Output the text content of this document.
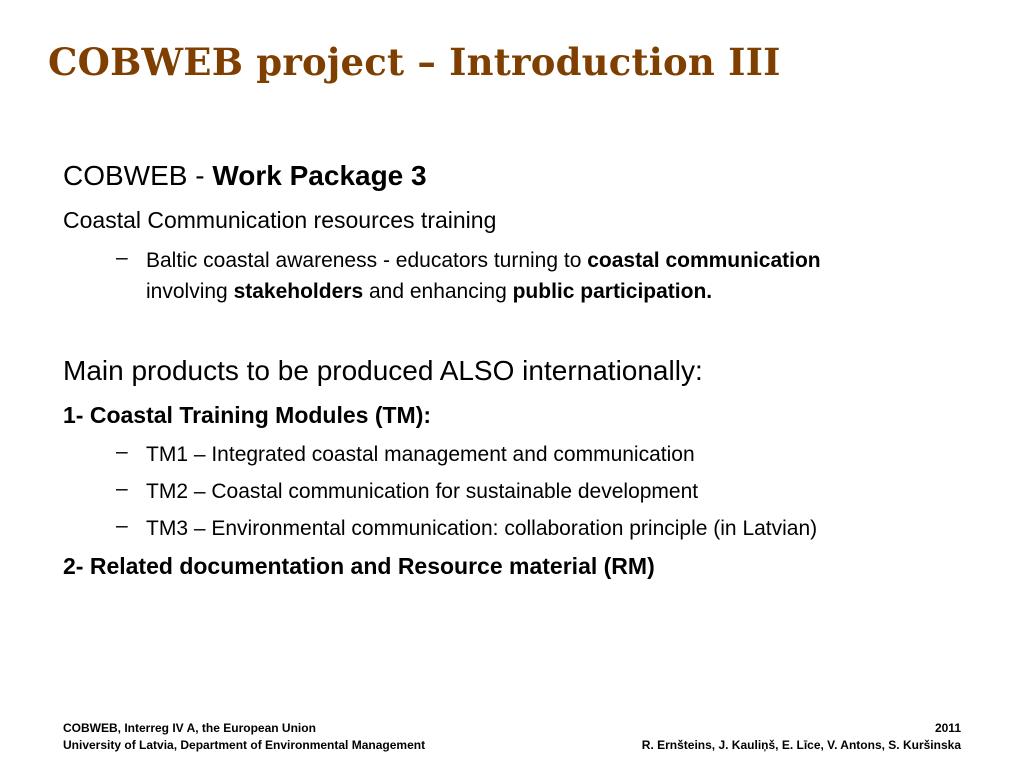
COBWEB project – Introduction III
COBWEB - Work Package 3
Coastal Communication resources training
– Baltic coastal awareness - educators turning to coastal communication
involving stakeholders and enhancing public participation.
Main products to be produced ALSO internationally:
1- Coastal Training Modules (TM):
– TM1 – Integrated coastal management and communication
– TM2 – Coastal communication for sustainable development
– TM3 – Environmental communication: collaboration principle (in Latvian)
2- Related documentation and Resource material (RM)
COBWEB, Interreg IV A, the European Union
University of Latvia, Department of Environmental Management
2011
R. Ernšteins, J. Kauliņš, E. Līce, V. Antons, S. Kuršinska
